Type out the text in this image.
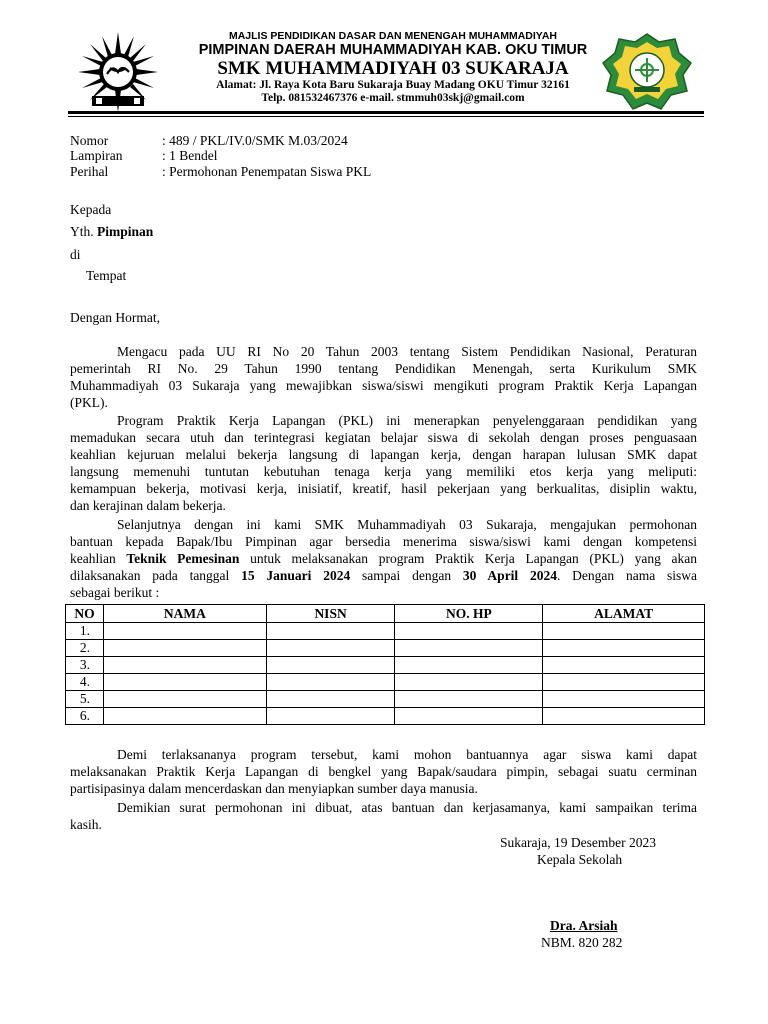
MAJLIS PENDIDIKAN DASAR DAN MENENGAH MUHAMMADIYAH
PIMPINAN DAERAH MUHAMMADIYAH KAB. OKU TIMUR
SMK MUHAMMADIYAH 03 SUKARAJA
Alamat: Jl. Raya Kota Baru Sukaraja Buay Madang OKU Timur 32161
Telp. 081532467376 e-mail. stmmuh03skj@gmail.com
Nomor	: 489 / PKL/IV.0/SMK M.03/2024
Lampiran	: 1 Bendel
Perihal	: Permohonan Penempatan Siswa PKL
Kepada
Yth. Pimpinan
di
Tempat
Dengan Hormat,
Mengacu pada UU RI No 20 Tahun 2003 tentang Sistem Pendidikan Nasional, Peraturan
pemerintah RI No. 29 Tahun 1990 tentang Pendidikan Menengah, serta Kurikulum SMK
Muhammadiyah 03 Sukaraja yang mewajibkan siswa/siswi mengikuti program Praktik Kerja Lapangan
(PKL).
Program Praktik Kerja Lapangan (PKL) ini menerapkan penyelenggaraan pendidikan yang
memadukan secara utuh dan terintegrasi kegiatan belajar siswa di sekolah dengan proses penguasaan
keahlian kejuruan melalui bekerja langsung di lapangan kerja, dengan harapan lulusan SMK dapat
langsung memenuhi tuntutan kebutuhan tenaga kerja yang memiliki etos kerja yang meliputi:
kemampuan bekerja, motivasi kerja, inisiatif, kreatif, hasil pekerjaan yang berkualitas, disiplin waktu,
dan kerajinan dalam bekerja.
Selanjutnya dengan ini kami SMK Muhammadiyah 03 Sukaraja, mengajukan permohonan
bantuan kepada Bapak/Ibu Pimpinan agar bersedia menerima siswa/siswi kami dengan kompetensi
keahlian Teknik Pemesinan untuk melaksanakan program Praktik Kerja Lapangan (PKL) yang akan
dilaksanakan pada tanggal 15 Januari 2024 sampai dengan 30 April 2024. Dengan nama siswa
sebagai berikut :
NO	NAMA	NISN	NO. HP	ALAMAT
1.				
2.				
3.				
4.				
5.				
6.				
Demi terlaksananya program tersebut, kami mohon bantuannya agar siswa kami dapat
melaksanakan Praktik Kerja Lapangan di bengkel yang Bapak/saudara pimpin, sebagai suatu cerminan
partisipasinya dalam mencerdaskan dan menyiapkan sumber daya manusia.
Demikian surat permohonan ini dibuat, atas bantuan dan kerjasamanya, kami sampaikan terima
kasih.
Sukaraja, 19 Desember 2023
Kepala Sekolah
Dra. Arsiah
NBM. 820 282
